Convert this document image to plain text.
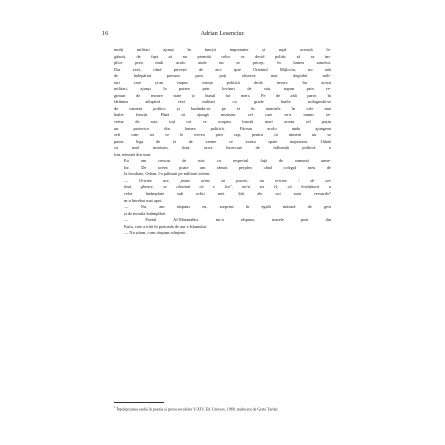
16	Adrian Lesenciuc

mulți militari ajunși în funcții importante și rupă această le-
gătură, de fapt să nu permită celor ce decid politic să se im-
plice prea mult acolo unde nu se pricep, în lumea armelor.
Dar vezi, când privești de aici spre Orientul Mijlociu, nu atât
de îndepărtat precum pare, poți observa mai degrabă mili-
tari care și-au impus voința politică decât invers. Iar acești
militari, ajunși la putere prin lovituri de stat, supun prin re-
gimuri de teroare state și bunul lor mers. Pe de altă parte, în
fărâmea adoptivă vezi militari cu grade înalte milogindu-se
de oameni politici și bazându-se pe ei în numirile în cele mai
înalte funcții. Până să ajungă ministru cel care m-a numit se-
cretar de stat, toți cei ce ocupau funcții mari aveau cel puțin
un protector din lumea politică. Făceau acolo unde ajungeau
sefi cam tot ce le trecea prin cap, pentru că nimeni nu se
putea lega de ei de vreme ce aveau spate important. Odată
cu noul ministru, însă, orice încercare de influență politică a
fost retezată din start.

Eu am crescut de mic cu respectul față de oamenii arme-
lor. De aceea poate am rămas perplex când colegul meu de
la facultate, Orhan, l-a pălmuit pe militarii sirieni.

— Oricine are, poate arme să poarte; nu oricine / de are
însă gheare, se cheamă că e leu", mi-a zis el, că învățătură a
celor întâmplate sub ochii mei. Știi ale cui sunt versurile?
m-a întrebat mai apoi.

— Nu, am răspuns eu, surprins în egală măsură de gest
și de morala întâmplării.

— Poetul Al-Mutanabbi, mi-a răspuns, marele poet din
Kufa, care a trăit în perioada de aur a Islamului.

— Nu știam, i-am răspuns stânjenit.

$^1$ Înțelepciunea arabă în poezia și proza secolelor V-XIV, Ed. Univers, 1968, traducere de Grete Tartler.
